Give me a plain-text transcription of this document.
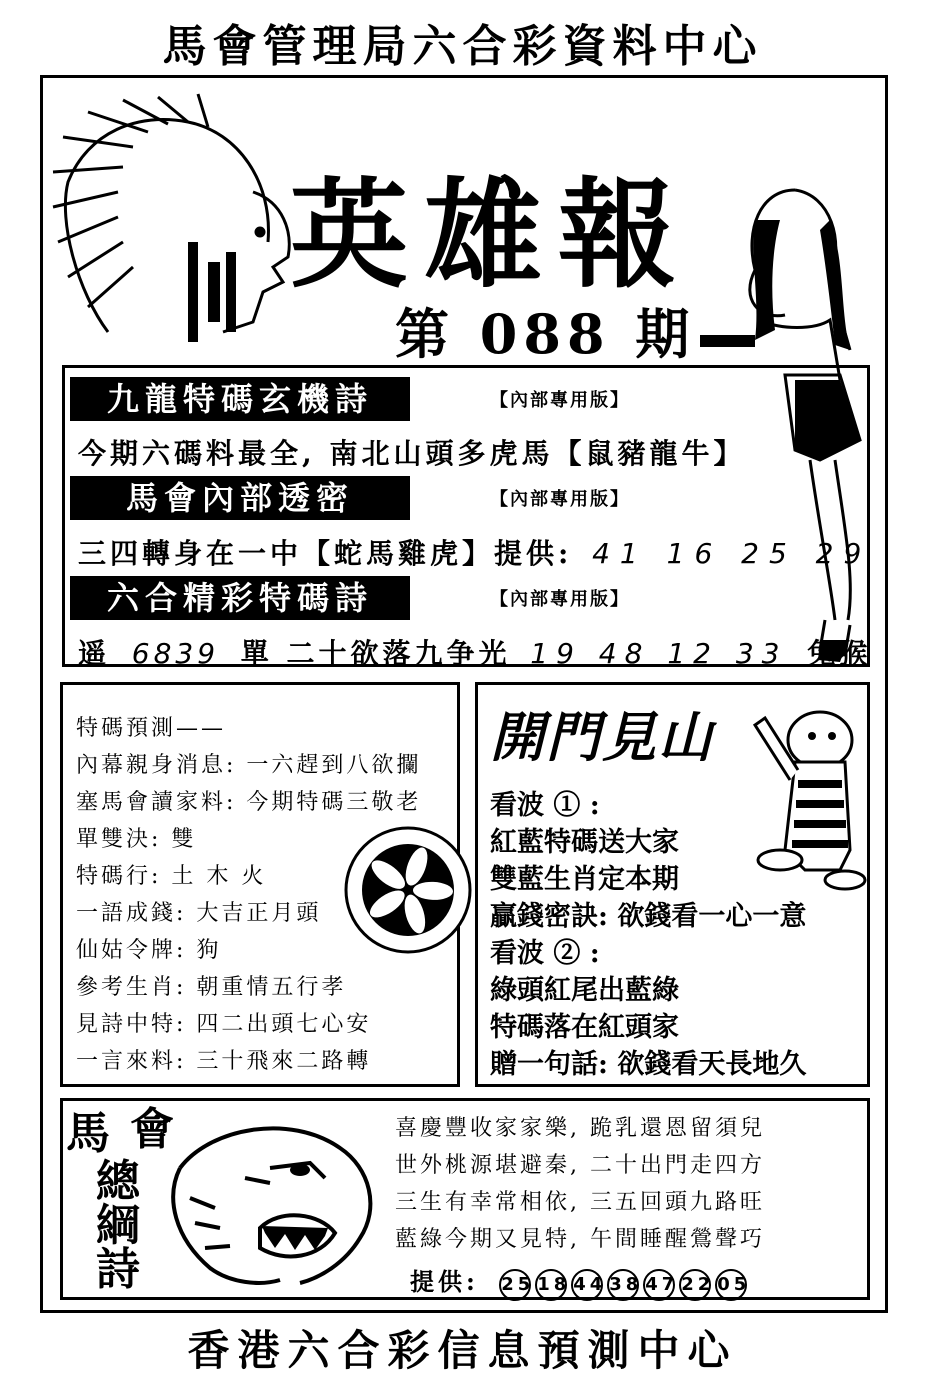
馬會管理局六合彩資料中心
英雄報
第 088 期
九龍特碼玄機詩	【內部專用版】
今期六碼料最全, 南北山頭多虎馬【鼠豬龍牛】
馬會內部透密	【內部專用版】
三四轉身在一中【蛇馬雞虎】提供: 41 16 25 29
六合精彩特碼詩	【內部專用版】
遥 6839 單 二十欲落九争光 19 48 12 33 兔猴
特碼預測——
內幕親身消息: 一六趕到八欲攔
塞馬會讀家料: 今期特碼三敬老
單雙決: 雙
特碼行: 土 木 火
一語成錢: 大吉正月頭
仙姑令牌: 狗
參考生肖: 朝重情五行孝
見詩中特: 四二出頭七心安
一言來料: 三十飛來二路轉
開門見山
看波 ① :
紅藍特碼送大家
雙藍生肖定本期
贏錢密訣: 欲錢看一心一意
看波 ② :
綠頭紅尾出藍綠
特碼落在紅頭家
贈一句話: 欲錢看天長地久
馬 會
總
綱
詩
喜慶豐收家家樂, 跪乳還恩留須兒
世外桃源堪避秦, 二十出門走四方
三生有幸常相依, 三五回頭九路旺
藍綠今期又見特, 午間睡醒鶯聲巧
提供: 25 18 44 38 47 22 05
香港六合彩信息預測中心
